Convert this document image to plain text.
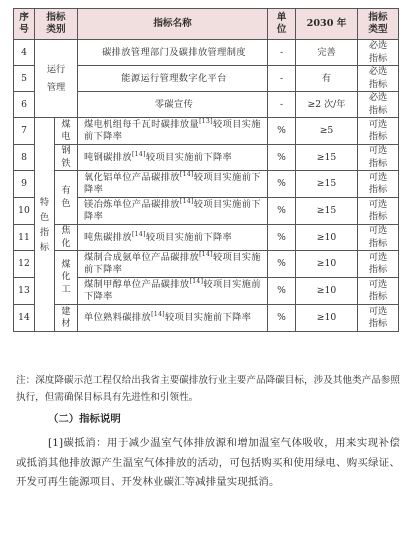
序号	指标类别		指标名称	单位	2030 年	指标类型
4	运行管理		碳排放管理部门及碳排放管理制度	-	完善	必选指标
5			能源运行管理数字化平台	-	有	必选指标
6			零碳宣传	-	≥2 次/年	必选指标
7	特色指标	煤电	煤电机组每千瓦时碳排放量[13]较项目实施前下降率	%	≥5	可选指标
8		钢铁	吨钢碳排放[14]较项目实施前下降率	%	≥15	可选指标
9		有色	氧化铝单位产品碳排放[14]较项目实施前下降率	%	≥15	可选指标
10			镁冶炼单位产品碳排放[14]较项目实施前下降率	%	≥15	可选指标
11		焦化	吨焦碳排放[14]较项目实施前下降率	%	≥10	可选指标
12		煤化工	煤制合成氨单位产品碳排放[14]较项目实施前下降率	%	≥10	可选指标
13			煤制甲醇单位产品碳排放[14]较项目实施前下降率	%	≥10	可选指标
14		建材	单位熟料碳排放[14]较项目实施前下降率	%	≥10	可选指标

注：深度降碳示范工程仅给出我省主要碳排放行业主要产品降碳目标，涉及其他类产品参照执行，但需确保目标具有先进性和引领性。

（二）指标说明

[1]碳抵消：用于减少温室气体排放源和增加温室气体吸收，用来实现补偿或抵消其他排放源产生温室气体排放的活动，可包括购买和使用绿电、购买绿证、开发可再生能源项目、开发林业碳汇等减排量实现抵消。
